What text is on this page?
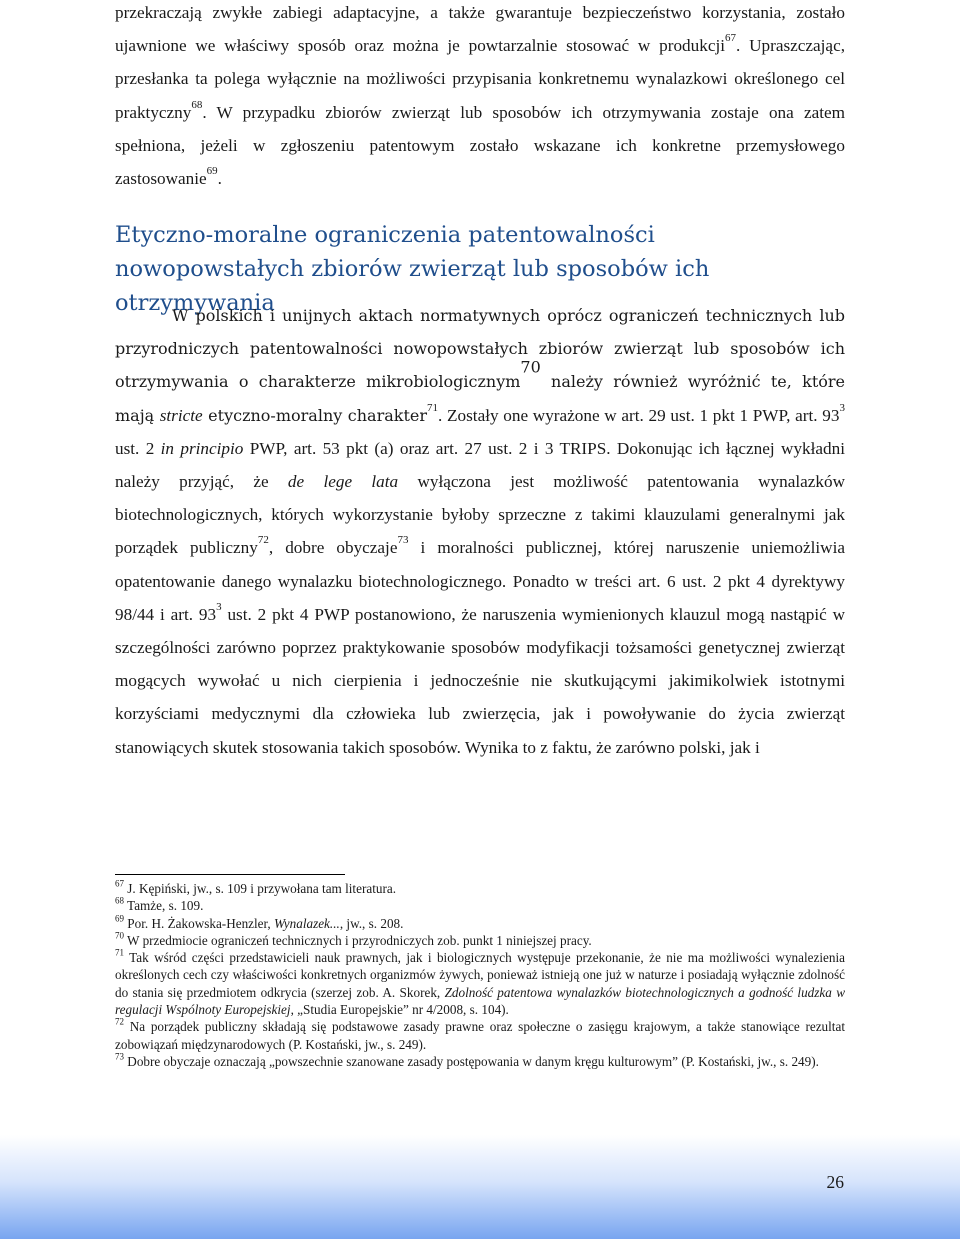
przekraczają zwykłe zabiegi adaptacyjne, a także gwarantuje bezpieczeństwo korzystania, zostało ujawnione we właściwy sposób oraz można je powtarzalnie stosować w produkcji$^{67}$. Upraszczając, przesłanka ta polega wyłącznie na możliwości przypisania konkretnemu wynalazkowi określonego cel praktyczny$^{68}$. W przypadku zbiorów zwierząt lub sposobów ich otrzymywania zostaje ona zatem spełniona, jeżeli w zgłoszeniu patentowym zostało wskazane ich konkretne przemysłowego zastosowanie$^{69}$.

Etyczno-moralne ograniczenia patentowalności nowopowstałych zbiorów zwierząt lub sposobów ich otrzymywania

W polskich i unijnych aktach normatywnych oprócz ograniczeń technicznych lub przyrodniczych patentowalności nowopowstałych zbiorów zwierząt lub sposobów ich otrzymywania o charakterze mikrobiologicznym$^{70}$ należy również wyróżnić te, które mają stricte etyczno-moralny charakter$^{71}$. Zostały one wyrażone w art. 29 ust. 1 pkt 1 PWP, art. $93^3$ ust. 2 in principio PWP, art. 53 pkt (a) oraz art. 27 ust. 2 i 3 TRIPS. Dokonując ich łącznej wykładni należy przyjąć, że de lege lata wyłączona jest możliwość patentowania wynalazków biotechnologicznych, których wykorzystanie byłoby sprzeczne z takimi klauzulami generalnymi jak porządek publiczny$^{72}$, dobre obyczaje$^{73}$ i moralności publicznej, której naruszenie uniemożliwia opatentowanie danego wynalazku biotechnologicznego. Ponadto w treści art. 6 ust. 2 pkt 4 dyrektywy 98/44 i art. $93^3$ ust. 2 pkt 4 PWP postanowiono, że naruszenia wymienionych klauzul mogą nastąpić w szczególności zarówno poprzez praktykowanie sposobów modyfikacji tożsamości genetycznej zwierząt mogących wywołać u nich cierpienia i jednocześnie nie skutkującymi jakimikolwiek istotnymi korzyściami medycznymi dla człowieka lub zwierzęcia, jak i powoływanie do życia zwierząt stanowiących skutek stosowania takich sposobów. Wynika to z faktu, że zarówno polski, jak i

$^{67}$ J. Kępiński, jw., s. 109 i przywołana tam literatura.

$^{68}$ Tamże, s. 109.

$^{69}$ Por. H. Żakowska-Henzler, Wynalazek..., jw., s. 208.

$^{70}$ W przedmiocie ograniczeń technicznych i przyrodniczych zob. punkt 1 niniejszej pracy.

$^{71}$ Tak wśród części przedstawicieli nauk prawnych, jak i biologicznych występuje przekonanie, że nie ma możliwości wynalezienia określonych cech czy właściwości konkretnych organizmów żywych, ponieważ istnieją one już w naturze i posiadają wyłącznie zdolność do stania się przedmiotem odkrycia (szerzej zob. A. Skorek, Zdolność patentowa wynalazków biotechnologicznych a godność ludzka w regulacji Wspólnoty Europejskiej, „Studia Europejskie” nr 4/2008, s. 104).

$^{72}$ Na porządek publiczny składają się podstawowe zasady prawne oraz społeczne o zasięgu krajowym, a także stanowiące rezultat zobowiązań międzynarodowych (P. Kostański, jw., s. 249).

$^{73}$ Dobre obyczaje oznaczają „powszechnie szanowane zasady postępowania w danym kręgu kulturowym” (P. Kostański, jw., s. 249).

26
